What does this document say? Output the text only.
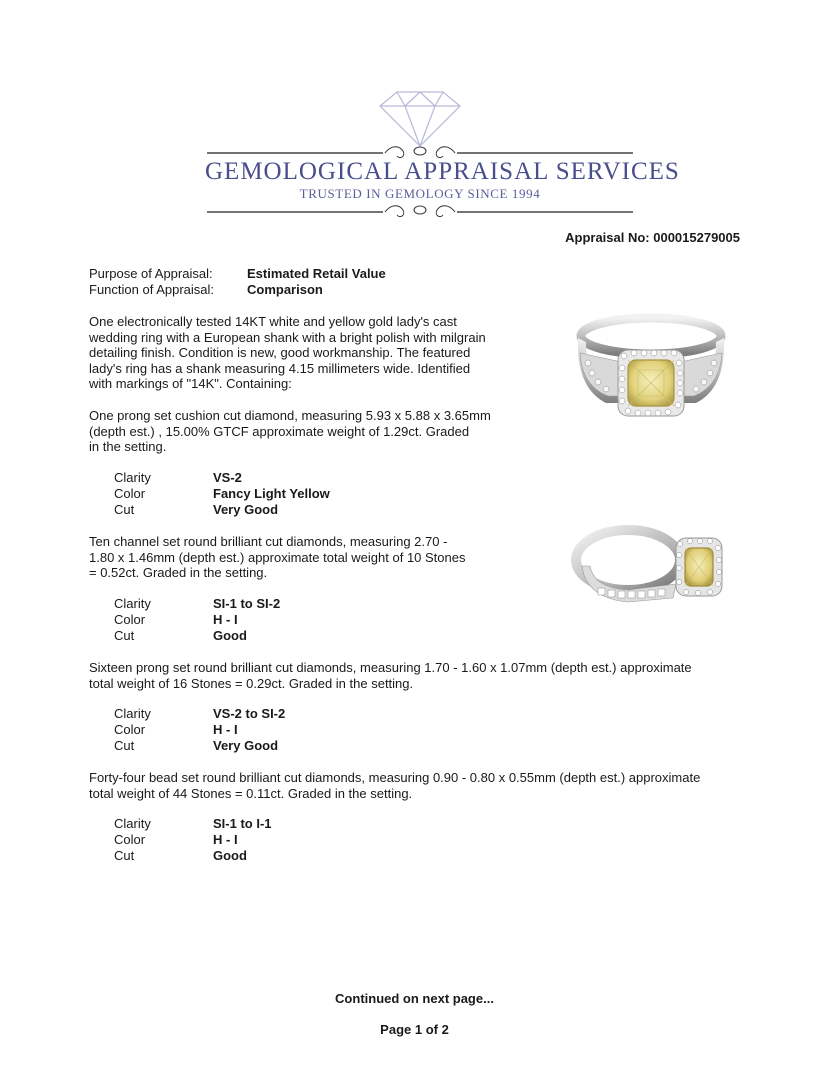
GEMOLOGICAL APPRAISAL SERVICES
TRUSTED IN GEMOLOGY SINCE 1994
Appraisal No: 000015279005
Purpose of Appraisal:	Estimated Retail Value
Function of Appraisal:	Comparison
One electronically tested 14KT white and yellow gold lady's cast
wedding ring with a European shank with a bright polish with milgrain
detailing finish. Condition is new, good workmanship. The featured
lady's ring has a shank measuring 4.15 millimeters wide. Identified
with markings of "14K". Containing:
One prong set cushion cut diamond, measuring 5.93 x 5.88 x 3.65mm
(depth est.) , 15.00% GTCF approximate weight of 1.29ct. Graded
in the setting.
Clarity	VS-2
Color	Fancy Light Yellow
Cut	Very Good
Ten channel set round brilliant cut diamonds, measuring 2.70 -
1.80 x 1.46mm (depth est.) approximate total weight of 10 Stones
= 0.52ct. Graded in the setting.
Clarity	SI-1 to SI-2
Color	H - I
Cut	Good
Sixteen prong set round brilliant cut diamonds, measuring 1.70 - 1.60 x 1.07mm (depth est.) approximate
total weight of 16 Stones = 0.29ct. Graded in the setting.
Clarity	VS-2 to SI-2
Color	H - I
Cut	Very Good
Forty-four bead set round brilliant cut diamonds, measuring 0.90 - 0.80 x 0.55mm (depth est.) approximate
total weight of 44 Stones = 0.11ct. Graded in the setting.
Clarity	SI-1 to I-1
Color	H - I
Cut	Good
Continued on next page...
Page 1 of 2
